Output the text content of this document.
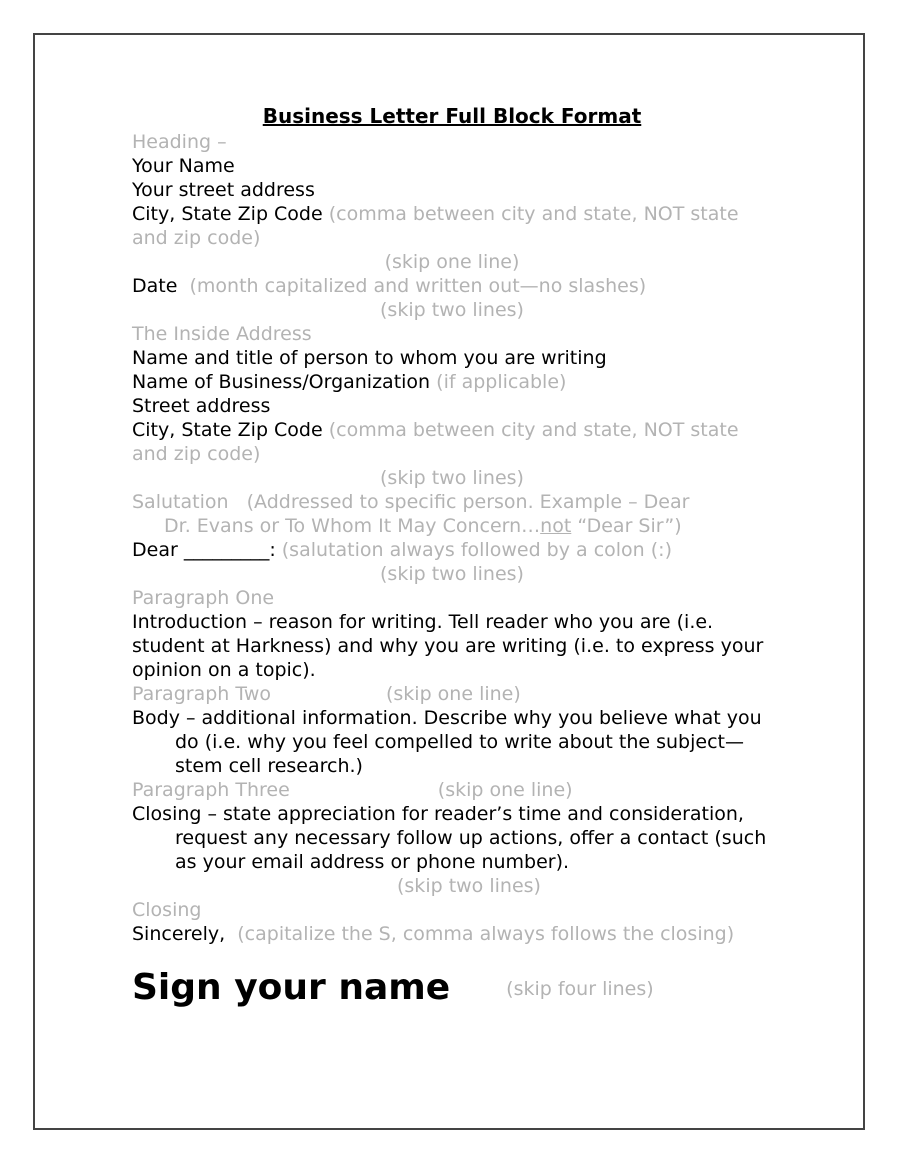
Business Letter Full Block Format
Heading –
Your Name
Your street address
City, State Zip Code (comma between city and state, NOT state and zip code)
(skip one line)
Date (month capitalized and written out—no slashes)
(skip two lines)
The Inside Address
Name and title of person to whom you are writing
Name of Business/Organization (if applicable)
Street address
City, State Zip Code (comma between city and state, NOT state and zip code)
(skip two lines)
Salutation (Addressed to specific person. Example – Dear
Dr. Evans or To Whom It May Concern…not “Dear Sir”)
Dear _________: (salutation always followed by a colon (:)
(skip two lines)
Paragraph One
Introduction – reason for writing. Tell reader who you are (i.e. student at Harkness) and why you are writing (i.e. to express your opinion on a topic).
Paragraph Two	(skip one line)
Body – additional information. Describe why you believe what you do (i.e. why you feel compelled to write about the subject—stem cell research.)
Paragraph Three	(skip one line)
Closing – state appreciation for reader’s time and consideration, request any necessary follow up actions, offer a contact (such as your email address or phone number).
(skip two lines)
Closing
Sincerely, (capitalize the S, comma always follows the closing)
Sign your name	(skip four lines)
